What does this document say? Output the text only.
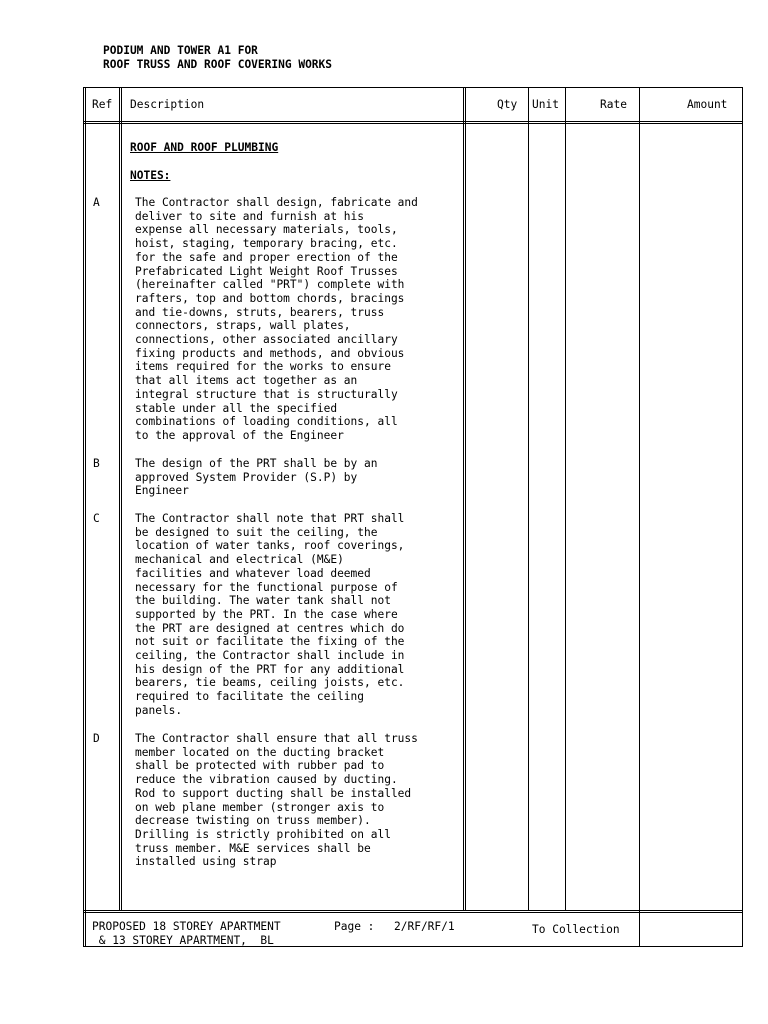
PODIUM AND TOWER A1 FOR
ROOF TRUSS AND ROOF COVERING WORKS
Ref Description	Qty Unit	Rate	Amount
ROOF AND ROOF PLUMBING
NOTES:
A	The Contractor shall design, fabricate and
deliver to site and furnish at his
expense all necessary materials, tools,
hoist, staging, temporary bracing, etc.
for the safe and proper erection of the
Prefabricated Light Weight Roof Trusses
(hereinafter called "PRT") complete with
rafters, top and bottom chords, bracings
and tie-downs, struts, bearers, truss
connectors, straps, wall plates,
connections, other associated ancillary
fixing products and methods, and obvious
items required for the works to ensure
that all items act together as an
integral structure that is structurally
stable under all the specified
combinations of loading conditions, all
to the approval of the Engineer
B	The design of the PRT shall be by an
approved System Provider (S.P) by
Engineer
C	The Contractor shall note that PRT shall
be designed to suit the ceiling, the
location of water tanks, roof coverings,
mechanical and electrical (M&E)
facilities and whatever load deemed
necessary for the functional purpose of
the building. The water tank shall not
supported by the PRT. In the case where
the PRT are designed at centres which do
not suit or facilitate the fixing of the
ceiling, the Contractor shall include in
his design of the PRT for any additional
bearers, tie beams, ceiling joists, etc.
required to facilitate the ceiling
panels.
D	The Contractor shall ensure that all truss
member located on the ducting bracket
shall be protected with rubber pad to
reduce the vibration caused by ducting.
Rod to support ducting shall be installed
on web plane member (stronger axis to
decrease twisting on truss member).
Drilling is strictly prohibited on all
truss member. M&E services shall be
installed using strap
PROPOSED 18 STOREY APARTMENT
& 13 STOREY APARTMENT,  BL
Page : 2/RF/RF/1	To Collection
